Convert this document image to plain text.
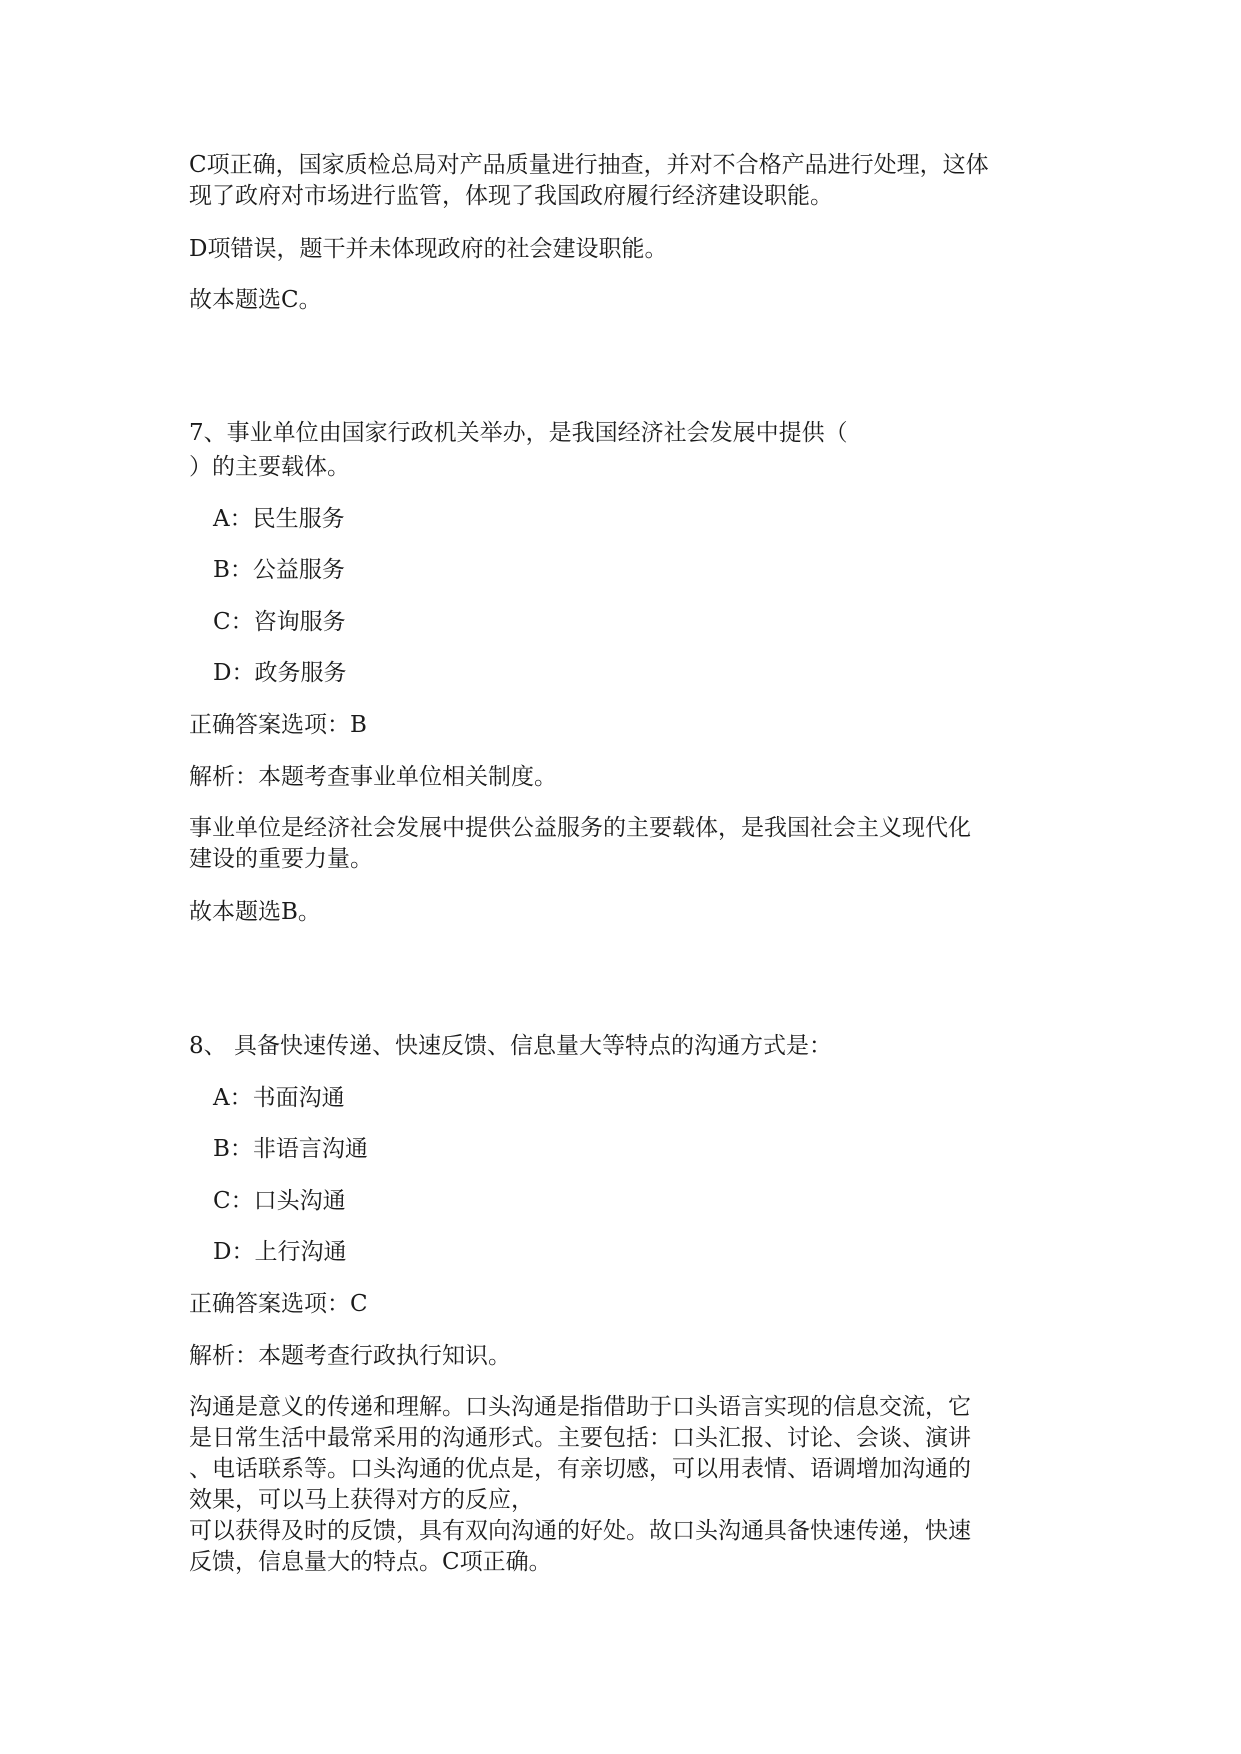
C项正确，国家质检总局对产品质量进行抽查，并对不合格产品进行处理，这体

现了政府对市场进行监管，体现了我国政府履行经济建设职能。

D项错误，题干并未体现政府的社会建设职能。

故本题选C。

7、事业单位由国家行政机关举办，是我国经济社会发展中提供（

）的主要载体。

A：民生服务

B：公益服务

C：咨询服务

D：政务服务

正确答案选项：B

解析：本题考查事业单位相关制度。

事业单位是经济社会发展中提供公益服务的主要载体，是我国社会主义现代化

建设的重要力量。

故本题选B。

8、 具备快速传递、快速反馈、信息量大等特点的沟通方式是：

A：书面沟通

B：非语言沟通

C：口头沟通

D：上行沟通

正确答案选项：C

解析：本题考查行政执行知识。

沟通是意义的传递和理解。口头沟通是指借助于口头语言实现的信息交流，它

是日常生活中最常采用的沟通形式。主要包括：口头汇报、讨论、会谈、演讲

、电话联系等。口头沟通的优点是，有亲切感，可以用表情、语调增加沟通的

效果，可以马上获得对方的反应，

可以获得及时的反馈，具有双向沟通的好处。故口头沟通具备快速传递，快速

反馈，信息量大的特点。C项正确。
